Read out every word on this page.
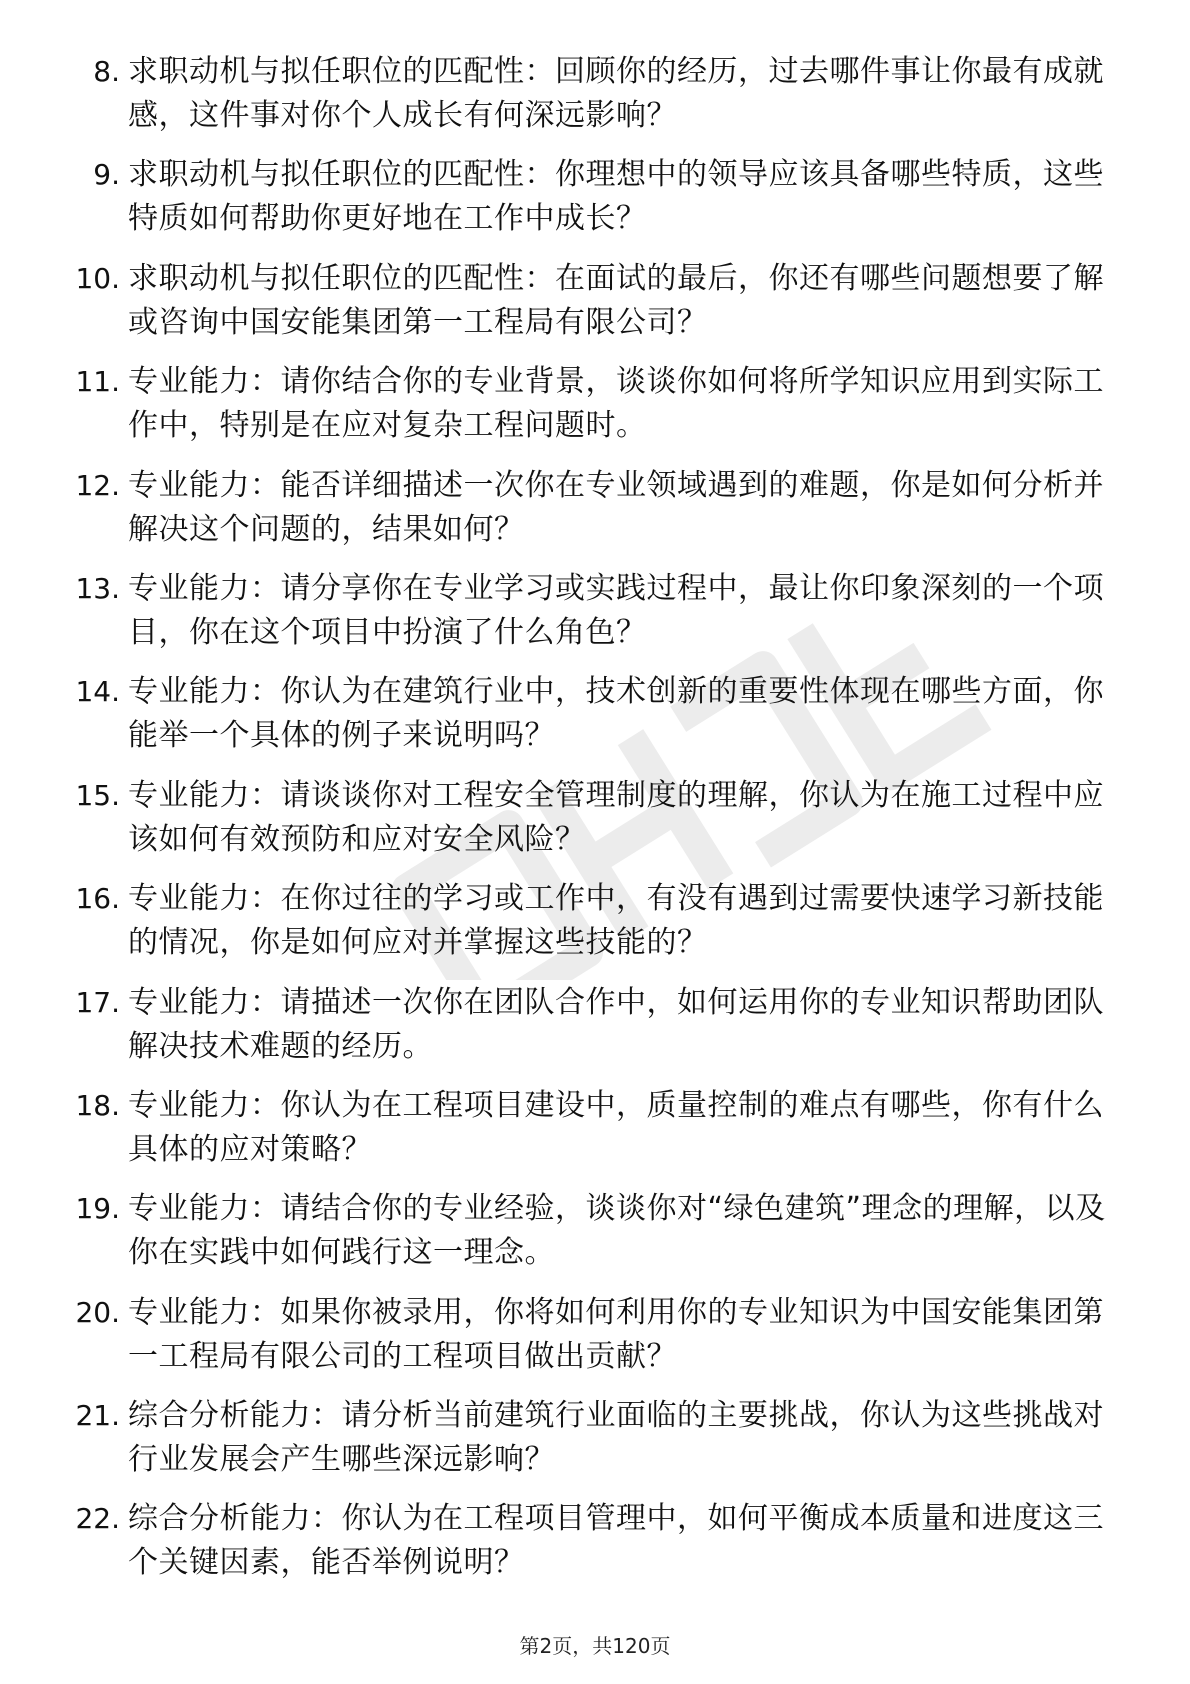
8. 求职动机与拟任职位的匹配性：回顾你的经历，过去哪件事让你最有成就感，这件事对你个人成长有何深远影响？
9. 求职动机与拟任职位的匹配性：你理想中的领导应该具备哪些特质，这些特质如何帮助你更好地在工作中成长？
10. 求职动机与拟任职位的匹配性：在面试的最后，你还有哪些问题想要了解或咨询中国安能集团第一工程局有限公司？
11. 专业能力：请你结合你的专业背景，谈谈你如何将所学知识应用到实际工作中，特别是在应对复杂工程问题时。
12. 专业能力：能否详细描述一次你在专业领域遇到的难题，你是如何分析并解决这个问题的，结果如何？
13. 专业能力：请分享你在专业学习或实践过程中，最让你印象深刻的一个项目，你在这个项目中扮演了什么角色？
14. 专业能力：你认为在建筑行业中，技术创新的重要性体现在哪些方面，你能举一个具体的例子来说明吗？
15. 专业能力：请谈谈你对工程安全管理制度的理解，你认为在施工过程中应该如何有效预防和应对安全风险？
16. 专业能力：在你过往的学习或工作中，有没有遇到过需要快速学习新技能的情况，你是如何应对并掌握这些技能的？
17. 专业能力：请描述一次你在团队合作中，如何运用你的专业知识帮助团队解决技术难题的经历。
18. 专业能力：你认为在工程项目建设中，质量控制的难点有哪些，你有什么具体的应对策略？
19. 专业能力：请结合你的专业经验，谈谈你对“绿色建筑”理念的理解，以及你在实践中如何践行这一理念。
20. 专业能力：如果你被录用，你将如何利用你的专业知识为中国安能集团第一工程局有限公司的工程项目做出贡献？
21. 综合分析能力：请分析当前建筑行业面临的主要挑战，你认为这些挑战对行业发展会产生哪些深远影响？
22. 综合分析能力：你认为在工程项目管理中，如何平衡成本质量和进度这三个关键因素，能否举例说明？
第2页，共120页
